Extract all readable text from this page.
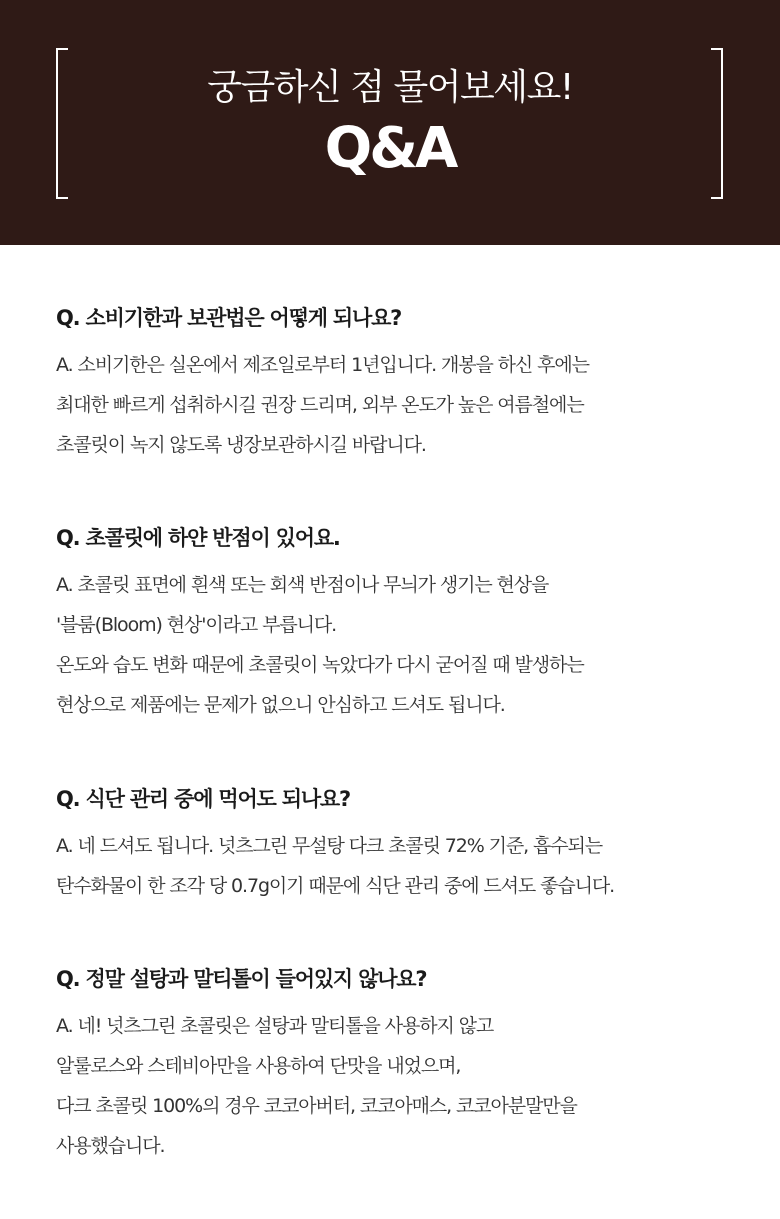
궁금하신 점 물어보세요!
Q&A
Q. 소비기한과 보관법은 어떻게 되나요?
A. 소비기한은 실온에서 제조일로부터 1년입니다. 개봉을 하신 후에는
최대한 빠르게 섭취하시길 권장 드리며, 외부 온도가 높은 여름철에는
초콜릿이 녹지 않도록 냉장보관하시길 바랍니다.
Q. 초콜릿에 하얀 반점이 있어요.
A. 초콜릿 표면에 흰색 또는 회색 반점이나 무늬가 생기는 현상을
'블룸(Bloom) 현상'이라고 부릅니다.
온도와 습도 변화 때문에 초콜릿이 녹았다가 다시 굳어질 때 발생하는
현상으로 제품에는 문제가 없으니 안심하고 드셔도 됩니다.
Q. 식단 관리 중에 먹어도 되나요?
A. 네 드셔도 됩니다. 넛츠그린 무설탕 다크 초콜릿 72% 기준, 흡수되는
탄수화물이 한 조각 당 0.7g이기 때문에 식단 관리 중에 드셔도 좋습니다.
Q. 정말 설탕과 말티톨이 들어있지 않나요?
A. 네! 넛츠그린 초콜릿은 설탕과 말티톨을 사용하지 않고
알룰로스와 스테비아만을 사용하여 단맛을 내었으며,
다크 초콜릿 100%의 경우 코코아버터, 코코아매스, 코코아분말만을
사용했습니다.
